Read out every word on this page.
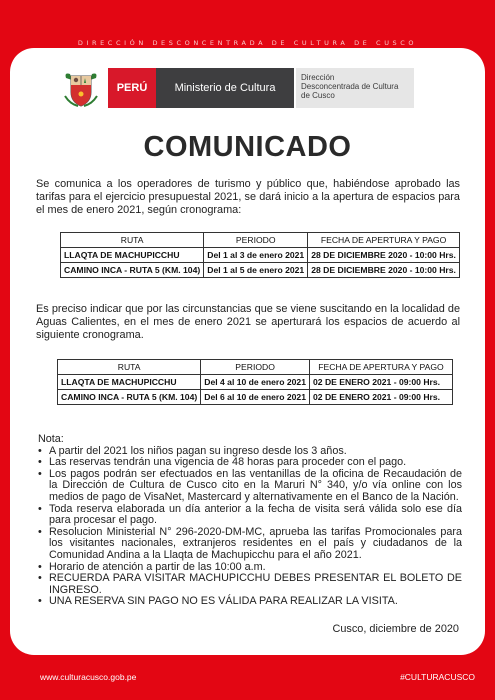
DIRECCIÓN DESCONCENTRADA DE CULTURA DE CUSCO
PERÚ	Ministerio de Cultura
Dirección
Desconcentrada de Cultura
de Cusco
COMUNICADO

Se comunica a los operadores de turismo y público que, habiéndose aprobado las tarifas para el ejercicio presupuestal 2021, se dará inicio a la apertura de espacios para el mes de enero 2021, según cronograma:

RUTA	PERIODO	FECHA DE APERTURA Y PAGO
LLAQTA DE MACHUPICCHU	Del 1 al 3 de enero 2021	28 DE DICIEMBRE 2020 - 10:00 Hrs.
CAMINO INCA - RUTA 5 (KM. 104)	Del 1 al 5 de enero 2021	28 DE DICIEMBRE 2020 - 10:00 Hrs.

Es preciso indicar que por las circunstancias que se viene suscitando en la localidad de Aguas Calientes, en el mes de enero 2021 se aperturará los espacios de acuerdo al siguiente cronograma.

RUTA	PERIODO	FECHA DE APERTURA Y PAGO
LLAQTA DE MACHUPICCHU	Del 4 al 10 de enero 2021	02 DE ENERO 2021 - 09:00 Hrs.
CAMINO INCA - RUTA 5 (KM. 104)	Del 6 al 10 de enero 2021	02 DE ENERO 2021 - 09:00 Hrs.
Nota:
• A partir del 2021 los niños pagan su ingreso desde los 3 años.
• Las reservas tendrán una vigencia de 48 horas para proceder con el pago.
• Los pagos podrán ser efectuados en las ventanillas de la oficina de Recaudación de la Dirección de Cultura de Cusco cito en la Maruri N° 340, y/o vía online con los medios de pago de VisaNet, Mastercard y alternativamente en el Banco de la Nación.
• Toda reserva elaborada un día anterior a la fecha de visita será válida solo ese día para procesar el pago.
• Resolucion Ministerial N° 296-2020-DM-MC, aprueba las tarifas Promocionales para los visitantes nacionales, extranjeros residentes en el país y ciudadanos de la Comunidad Andina a la Llaqta de Machupicchu para el año 2021.
• Horario de atención a partir de las 10:00 a.m.
• RECUERDA PARA VISITAR MACHUPICCHU DEBES PRESENTAR EL BOLETO DE INGRESO.
• UNA RESERVA SIN PAGO NO ES VÁLIDA PARA REALIZAR LA VISITA.
Cusco, diciembre de 2020
www.culturacusco.gob.pe	#CULTURACUSCO
